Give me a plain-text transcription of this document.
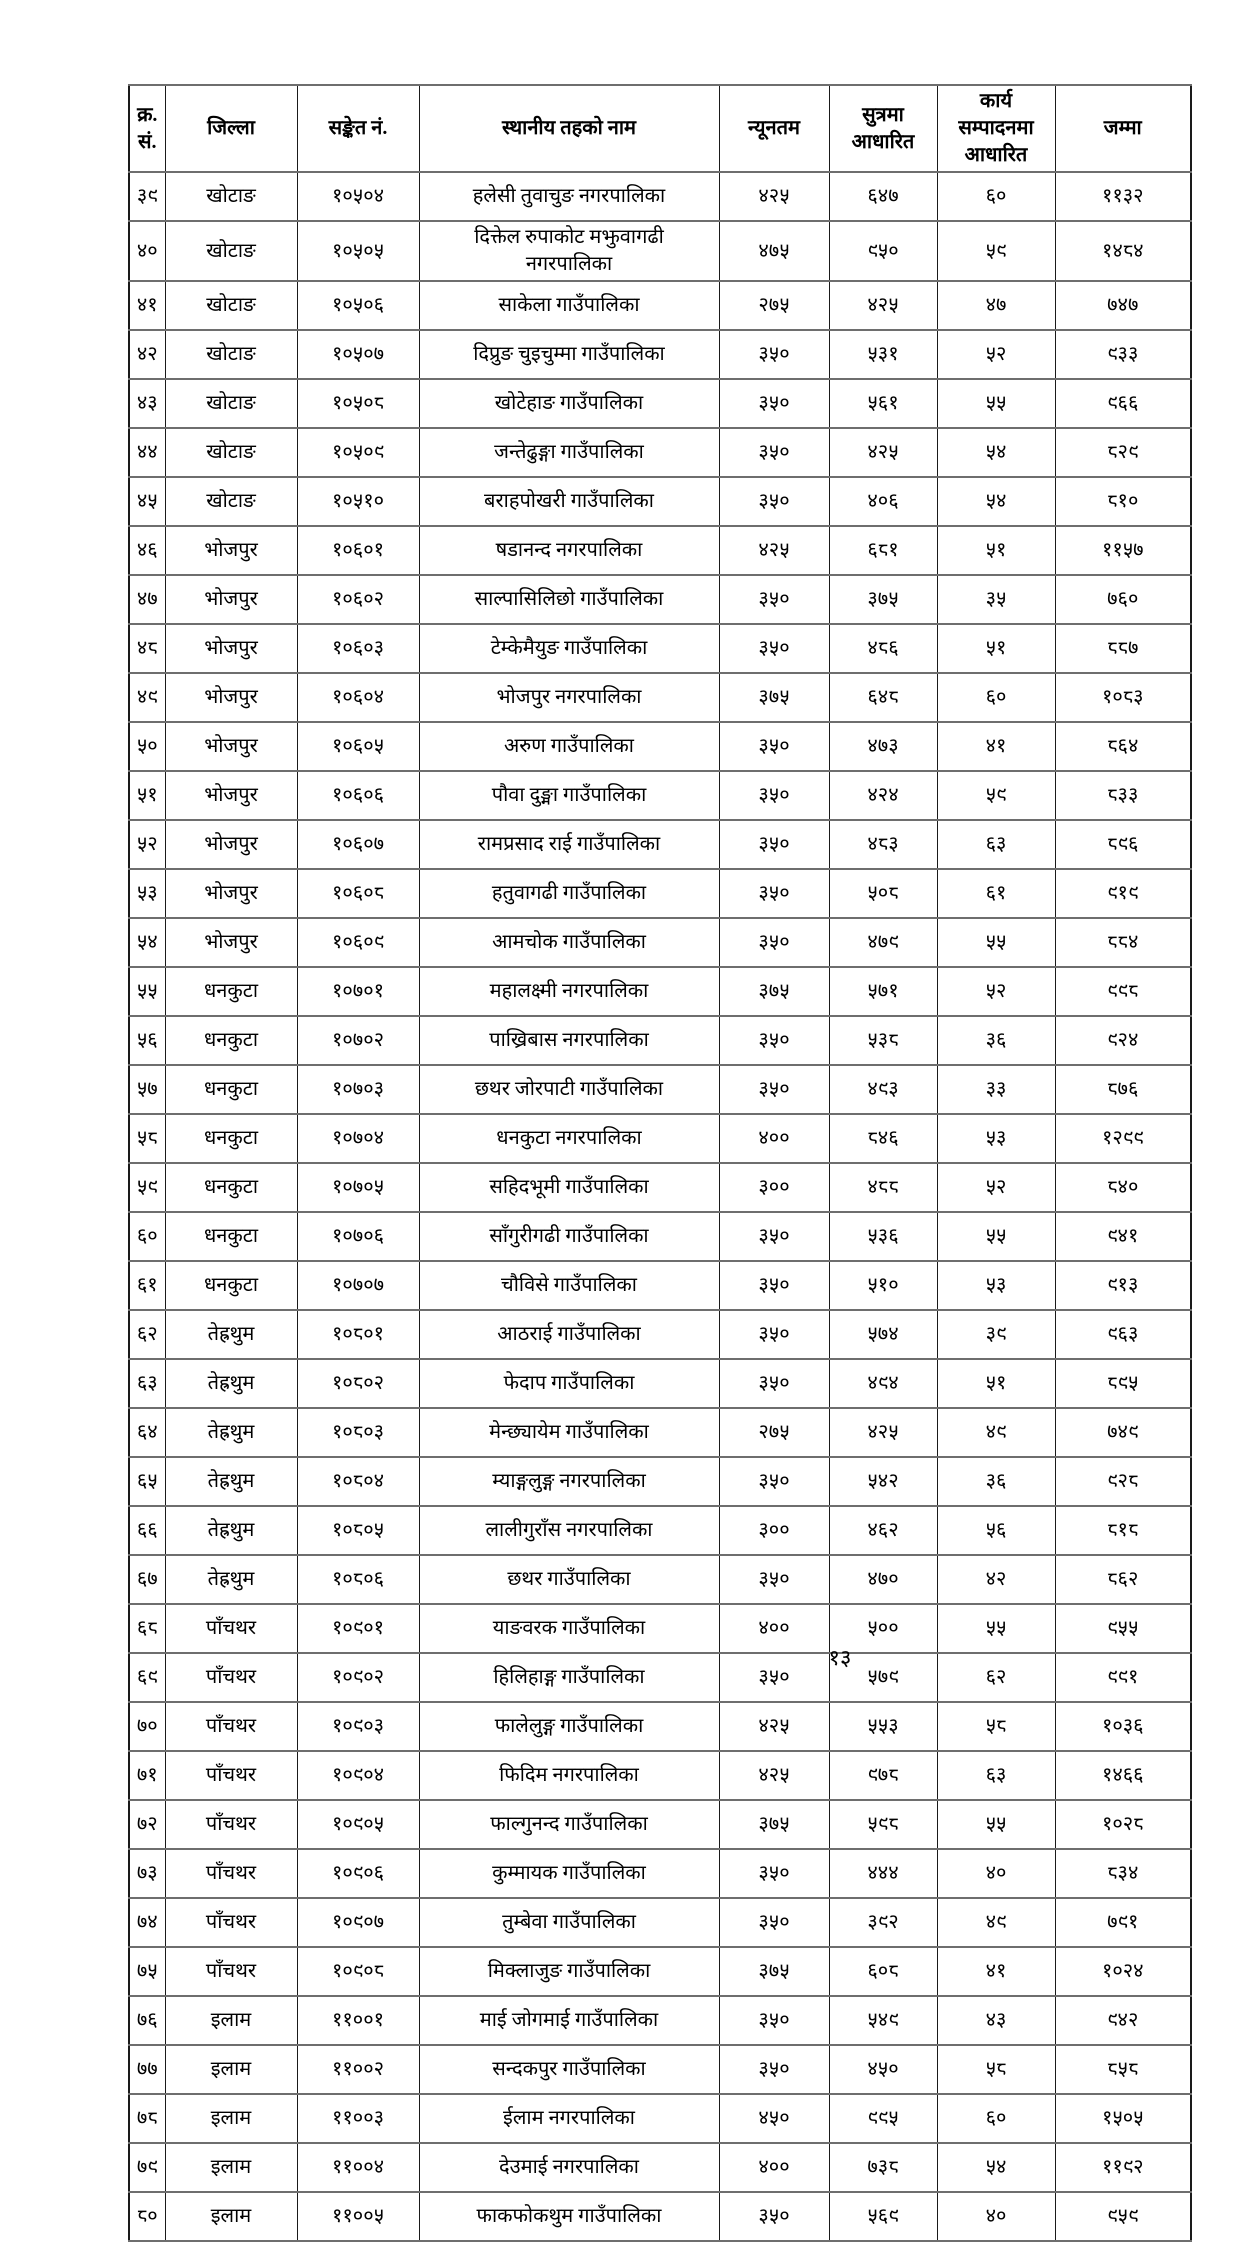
क्र. सं.	जिल्ला	सङ्केत नं.	स्थानीय तहको नाम	न्यूनतम	सुत्रमा आधारित	कार्य सम्पादनमा आधारित	जम्मा
३९	खोटाङ	१०५०४	हलेसी तुवाचुङ नगरपालिका	४२५	६४७	६०	११३२
४०	खोटाङ	१०५०५	दिक्तेल रुपाकोट मझुवागढी नगरपालिका	४७५	९५०	५९	१४८४
४१	खोटाङ	१०५०६	साकेला गाउँपालिका	२७५	४२५	४७	७४७
४२	खोटाङ	१०५०७	दिप्रुङ चुइचुम्मा गाउँपालिका	३५०	५३१	५२	९३३
४३	खोटाङ	१०५०८	खोटेहाङ गाउँपालिका	३५०	५६१	५५	९६६
४४	खोटाङ	१०५०९	जन्तेढुङ्गा गाउँपालिका	३५०	४२५	५४	८२९
४५	खोटाङ	१०५१०	बराहपोखरी गाउँपालिका	३५०	४०६	५४	८१०
४६	भोजपुर	१०६०१	षडानन्द नगरपालिका	४२५	६८१	५१	११५७
४७	भोजपुर	१०६०२	साल्पासिलिछो गाउँपालिका	३५०	३७५	३५	७६०
४८	भोजपुर	१०६०३	टेम्केमैयुङ गाउँपालिका	३५०	४८६	५१	८८७
४९	भोजपुर	१०६०४	भोजपुर नगरपालिका	३७५	६४८	६०	१०८३
५०	भोजपुर	१०६०५	अरुण गाउँपालिका	३५०	४७३	४१	८६४
५१	भोजपुर	१०६०६	पौवा दुङ्मा गाउँपालिका	३५०	४२४	५९	८३३
५२	भोजपुर	१०६०७	रामप्रसाद राई गाउँपालिका	३५०	४८३	६३	८९६
५३	भोजपुर	१०६०८	हतुवागढी गाउँपालिका	३५०	५०८	६१	९१९
५४	भोजपुर	१०६०९	आमचोक गाउँपालिका	३५०	४७९	५५	८८४
५५	धनकुटा	१०७०१	महालक्ष्मी नगरपालिका	३७५	५७१	५२	९९८
५६	धनकुटा	१०७०२	पाख्रिबास नगरपालिका	३५०	५३८	३६	९२४
५७	धनकुटा	१०७०३	छथर जोरपाटी गाउँपालिका	३५०	४९३	३३	८७६
५८	धनकुटा	१०७०४	धनकुटा नगरपालिका	४००	८४६	५३	१२९९
५९	धनकुटा	१०७०५	सहिदभूमी गाउँपालिका	३००	४८८	५२	८४०
६०	धनकुटा	१०७०६	साँगुरीगढी गाउँपालिका	३५०	५३६	५५	९४१
६१	धनकुटा	१०७०७	चौविसे गाउँपालिका	३५०	५१०	५३	९१३
६२	तेह्रथुम	१०८०१	आठराई गाउँपालिका	३५०	५७४	३९	९६३
६३	तेह्रथुम	१०८०२	फेदाप गाउँपालिका	३५०	४९४	५१	८९५
६४	तेह्रथुम	१०८०३	मेन्छ्यायेम गाउँपालिका	२७५	४२५	४९	७४९
६५	तेह्रथुम	१०८०४	म्याङ्गलुङ्ग नगरपालिका	३५०	५४२	३६	९२८
६६	तेह्रथुम	१०८०५	लालीगुराँस नगरपालिका	३००	४६२	५६	८१८
६७	तेह्रथुम	१०८०६	छथर गाउँपालिका	३५०	४७०	४२	८६२
६८	पाँचथर	१०९०१	याङवरक गाउँपालिका	४००	५००	५५	९५५
६९	पाँचथर	१०९०२	हिलिहाङ्ग गाउँपालिका	३५०	५७९	६२	९९१
७०	पाँचथर	१०९०३	फालेलुङ्ग गाउँपालिका	४२५	५५३	५८	१०३६
७१	पाँचथर	१०९०४	फिदिम नगरपालिका	४२५	९७८	६३	१४६६
७२	पाँचथर	१०९०५	फाल्गुनन्द गाउँपालिका	३७५	५९८	५५	१०२८
७३	पाँचथर	१०९०६	कुम्मायक गाउँपालिका	३५०	४४४	४०	८३४
७४	पाँचथर	१०९०७	तुम्बेवा गाउँपालिका	३५०	३९२	४९	७९१
७५	पाँचथर	१०९०८	मिक्लाजुङ गाउँपालिका	३७५	६०८	४१	१०२४
७६	इलाम	११००१	माई जोगमाई गाउँपालिका	३५०	५४९	४३	९४२
७७	इलाम	११००२	सन्दकपुर गाउँपालिका	३५०	४५०	५८	८५८
७८	इलाम	११००३	ईलाम नगरपालिका	४५०	९९५	६०	१५०५
७९	इलाम	११००४	देउमाई नगरपालिका	४००	७३८	५४	११९२
८०	इलाम	११००५	फाकफोकथुम गाउँपालिका	३५०	५६९	४०	९५९
१३
